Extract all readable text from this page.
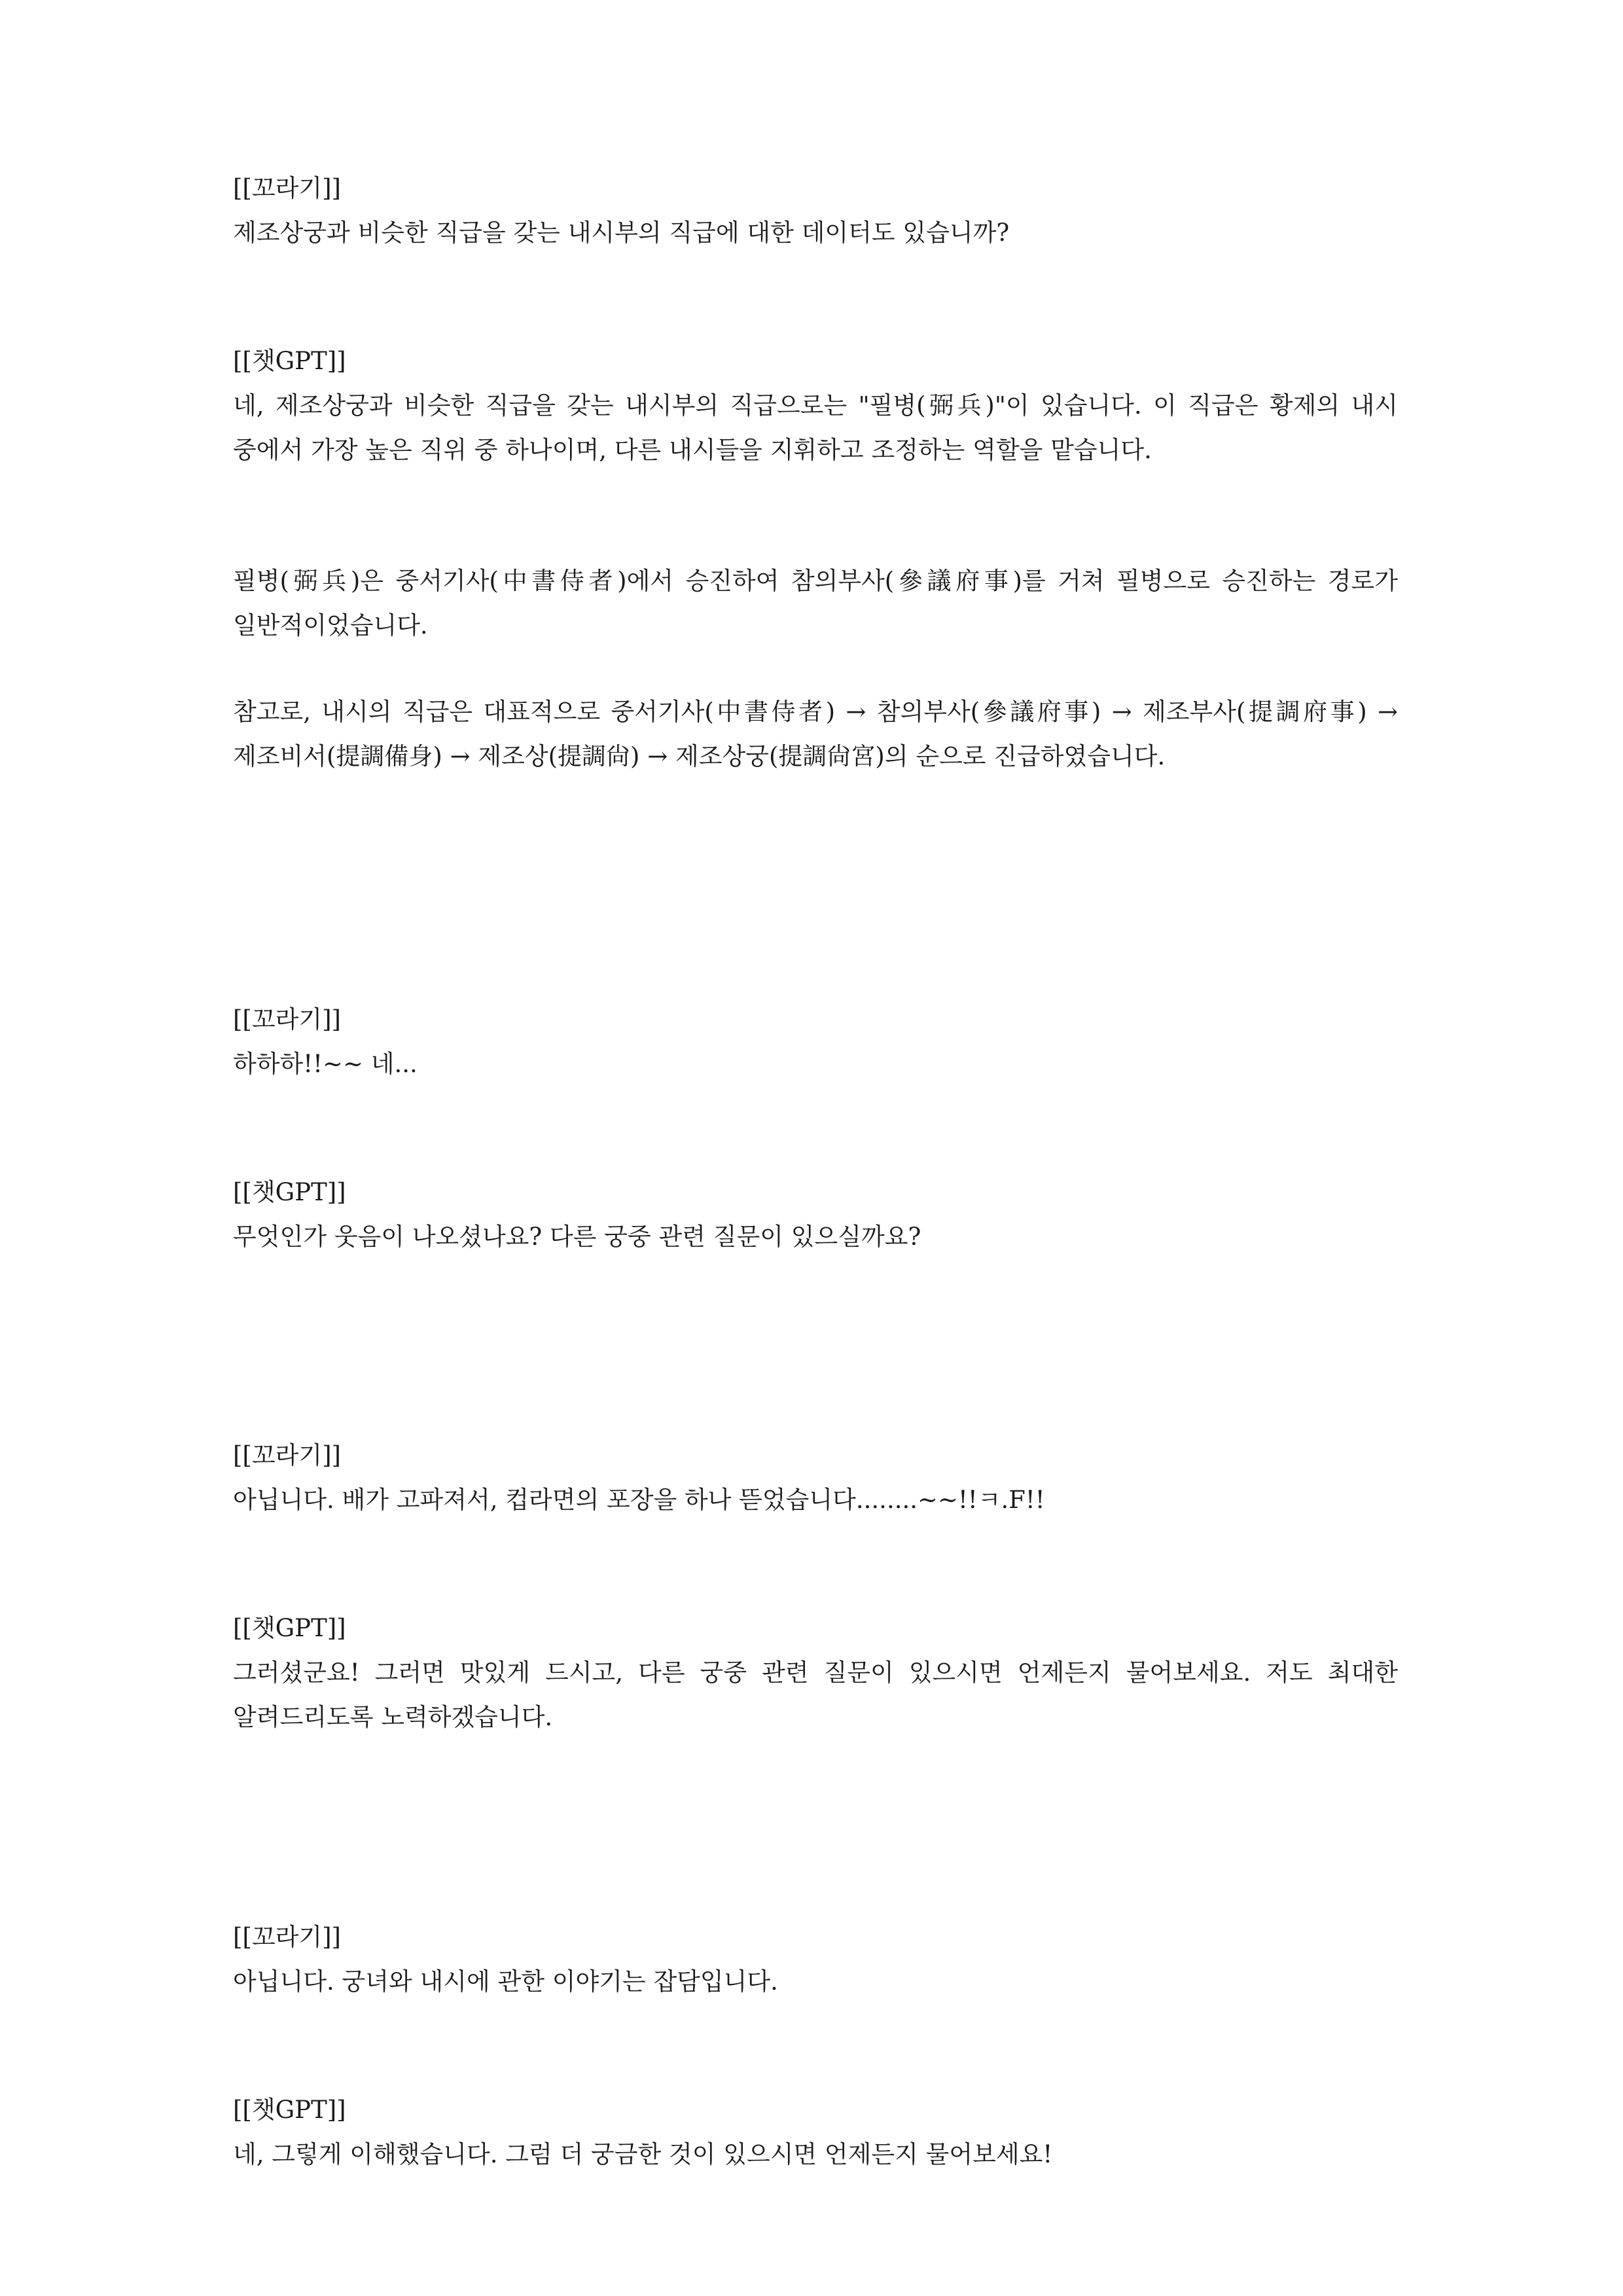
[[꼬라기]]
제조상궁과 비슷한 직급을 갖는 내시부의 직급에 대한 데이터도 있습니까?
[[챗GPT]]
네, 제조상궁과 비슷한 직급을 갖는 내시부의 직급으로는 "필병(弼兵)"이 있습니다. 이 직급은 황제의 내시 중에서 가장 높은 직위 중 하나이며, 다른 내시들을 지휘하고 조정하는 역할을 맡습니다.
필병(弼兵)은 중서기사(中書侍者)에서 승진하여 참의부사(參議府事)를 거쳐 필병으로 승진하는 경로가 일반적이었습니다.
참고로, 내시의 직급은 대표적으로 중서기사(中書侍者) → 참의부사(參議府事) → 제조부사(提調府事) → 제조비서(提調備身) → 제조상(提調尙) → 제조상궁(提調尙宮)의 순으로 진급하였습니다.
[[꼬라기]]
하하하!!~~ 네...
[[챗GPT]]
무엇인가 웃음이 나오셨나요? 다른 궁중 관련 질문이 있으실까요?
[[꼬라기]]
아닙니다. 배가 고파져서, 컵라면의 포장을 하나 뜯었습니다........~~!!ㅋ.F!!
[[챗GPT]]
그러셨군요! 그러면 맛있게 드시고, 다른 궁중 관련 질문이 있으시면 언제든지 물어보세요. 저도 최대한 알려드리도록 노력하겠습니다.
[[꼬라기]]
아닙니다. 궁녀와 내시에 관한 이야기는 잡담입니다.
[[챗GPT]]
네, 그렇게 이해했습니다. 그럼 더 궁금한 것이 있으시면 언제든지 물어보세요!
